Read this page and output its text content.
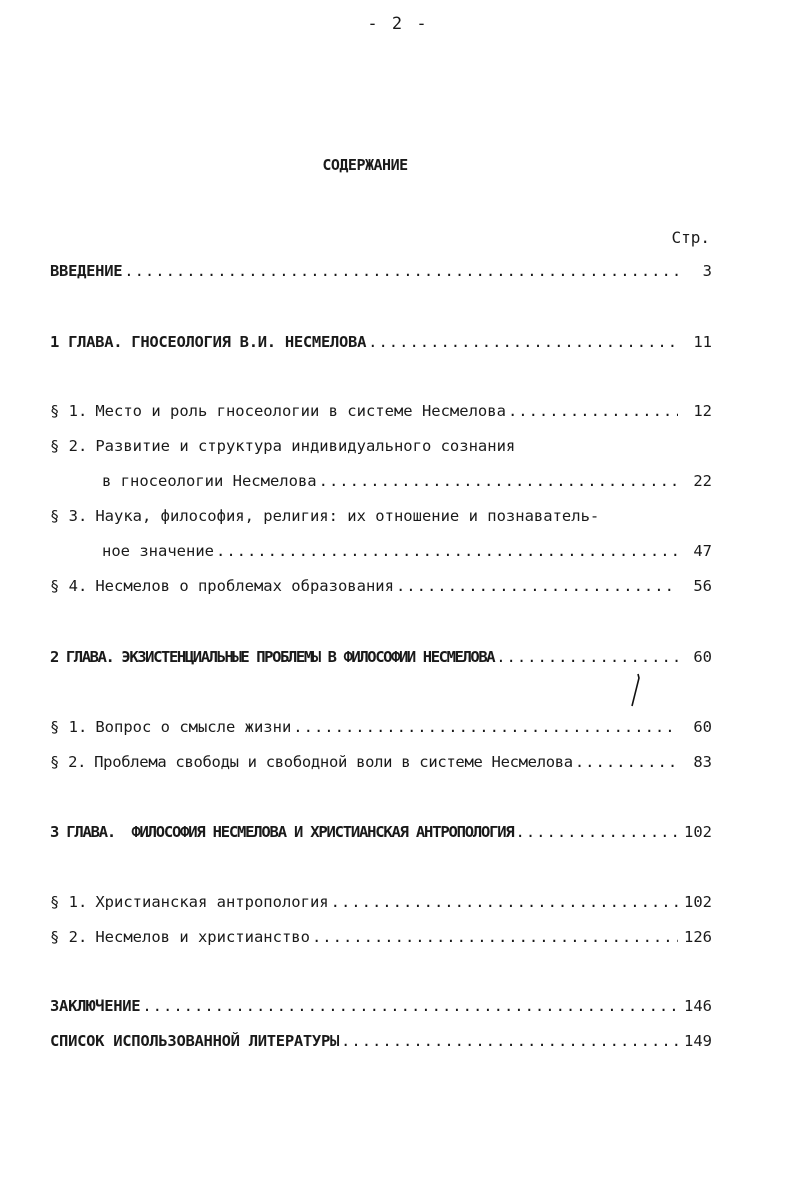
- 2 -
СОДЕРЖАНИЕ
Стр.
ВВЕДЕНИЕ .....	3
1 ГЛАВА. ГНОСЕОЛОГИЯ В.И. НЕСМЕЛОВА .....	11
§ 1. Место и роль гносеологии в системе Несмелова .....	12
§ 2. Развитие и структура индивидуального сознания
в гносеологии Несмелова .....	22
§ 3. Наука, философия, религия: их отношение и познаватель-
ное значение .....	47
§ 4. Несмелов о проблемах образования .....	56
2 ГЛАВА. ЭКЗИСТЕНЦИАЛЬНЫЕ ПРОБЛЕМЫ В ФИЛОСОФИИ НЕСМЕЛОВА .....	60
§ 1. Вопрос о смысле жизни .....	60
§ 2. Проблема свободы и свободной воли в системе Несмелова .....	83
3 ГЛАВА.  ФИЛОСОФИЯ НЕСМЕЛОВА И ХРИСТИАНСКАЯ АНТРОПОЛОГИЯ .....	102
§ 1. Христианская антропология .....	102
§ 2. Несмелов и христианство .....	126
ЗАКЛЮЧЕНИЕ .....	146
СПИСОК ИСПОЛЬЗОВАННОЙ ЛИТЕРАТУРЫ .....	149
